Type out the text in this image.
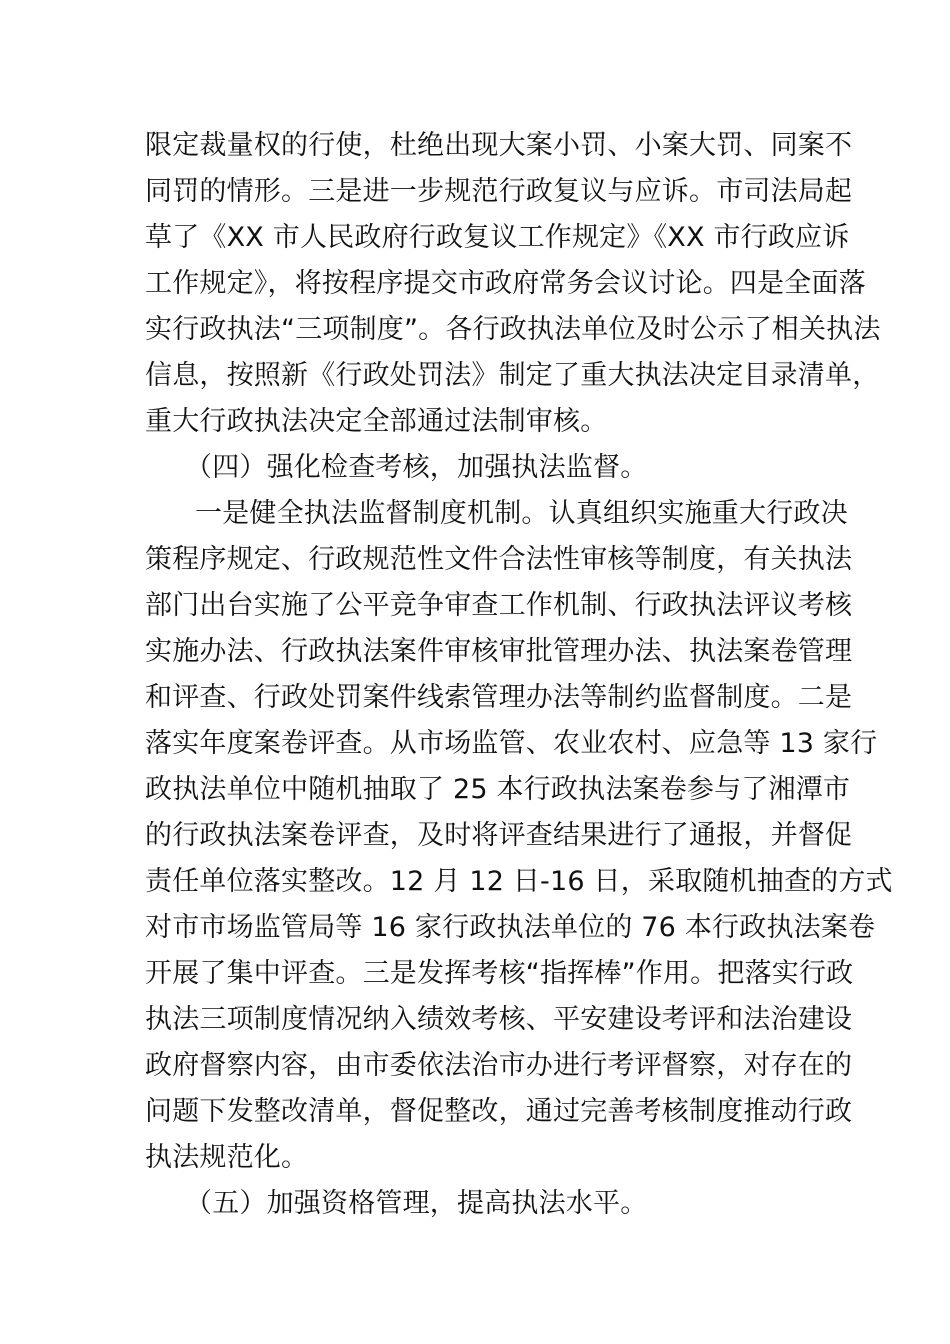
限定裁量权的行使，杜绝出现大案小罚、小案大罚、同案不
同罚的情形。三是进一步规范行政复议与应诉。市司法局起
草了《XX 市人民政府行政复议工作规定》《XX 市行政应诉
工作规定》，将按程序提交市政府常务会议讨论。四是全面落
实行政执法“三项制度”。各行政执法单位及时公示了相关执法
信息，按照新《行政处罚法》制定了重大执法决定目录清单，
重大行政执法决定全部通过法制审核。
（四）强化检查考核，加强执法监督。
一是健全执法监督制度机制。认真组织实施重大行政决
策程序规定、行政规范性文件合法性审核等制度，有关执法
部门出台实施了公平竞争审查工作机制、行政执法评议考核
实施办法、行政执法案件审核审批管理办法、执法案卷管理
和评查、行政处罚案件线索管理办法等制约监督制度。二是
落实年度案卷评查。从市场监管、农业农村、应急等 13 家行
政执法单位中随机抽取了 25 本行政执法案卷参与了湘潭市
的行政执法案卷评查，及时将评查结果进行了通报，并督促
责任单位落实整改。12 月 12 日-16 日，采取随机抽查的方式
对市市场监管局等 16 家行政执法单位的 76 本行政执法案卷
开展了集中评查。三是发挥考核“指挥棒”作用。把落实行政
执法三项制度情况纳入绩效考核、平安建设考评和法治建设
政府督察内容，由市委依法治市办进行考评督察，对存在的
问题下发整改清单，督促整改，通过完善考核制度推动行政
执法规范化。
（五）加强资格管理，提高执法水平。
